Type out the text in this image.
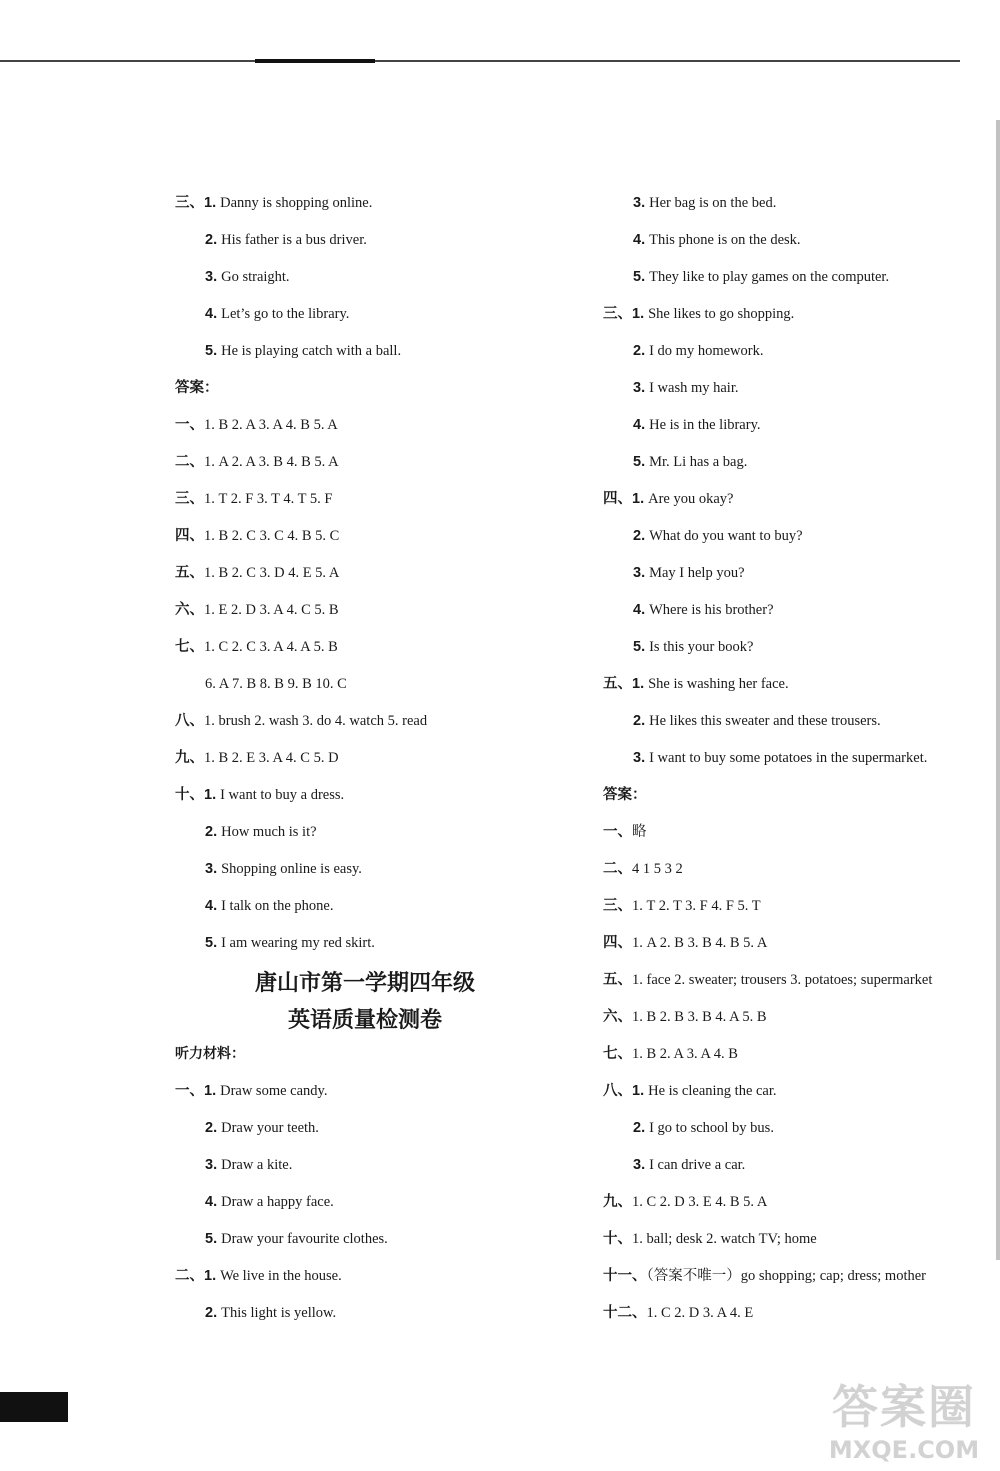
三、1. Danny is shopping online.
2. His father is a bus driver.
3. Go straight.
4. Let’s go to the library.
5. He is playing catch with a ball.
答案：
一、1. B 2. A 3. A 4. B 5. A
二、1. A 2. A 3. B 4. B 5. A
三、1. T 2. F 3. T 4. T 5. F
四、1. B 2. C 3. C 4. B 5. C
五、1. B 2. C 3. D 4. E 5. A
六、1. E 2. D 3. A 4. C 5. B
七、1. C 2. C 3. A 4. A 5. B
6. A 7. B 8. B 9. B 10. C
八、1. brush 2. wash 3. do 4. watch 5. read
九、1. B 2. E 3. A 4. C 5. D
十、1. I want to buy a dress.
2. How much is it?
3. Shopping online is easy.
4. I talk on the phone.
5. I am wearing my red skirt.
唐山市第一学期四年级
英语质量检测卷
听力材料：
一、1. Draw some candy.
2. Draw your teeth.
3. Draw a kite.
4. Draw a happy face.
5. Draw your favourite clothes.
二、1. We live in the house.
2. This light is yellow.
3. Her bag is on the bed.
4. This phone is on the desk.
5. They like to play games on the computer.
三、1. She likes to go shopping.
2. I do my homework.
3. I wash my hair.
4. He is in the library.
5. Mr. Li has a bag.
四、1. Are you okay?
2. What do you want to buy?
3. May I help you?
4. Where is his brother?
5. Is this your book?
五、1. She is washing her face.
2. He likes this sweater and these trousers.
3. I want to buy some potatoes in the supermarket.
答案：
一、略
二、4 1 5 3 2
三、1. T 2. T 3. F 4. F 5. T
四、1. A 2. B 3. B 4. B 5. A
五、1. face 2. sweater; trousers 3. potatoes; supermarket
六、1. B 2. B 3. B 4. A 5. B
七、1. B 2. A 3. A 4. B
八、1. He is cleaning the car.
2. I go to school by bus.
3. I can drive a car.
九、1. C 2. D 3. E 4. B 5. A
十、1. ball; desk 2. watch TV; home
十一、（答案不唯一）go shopping; cap; dress; mother
十二、1. C 2. D 3. A 4. E
答案圈
MXQE.COM
